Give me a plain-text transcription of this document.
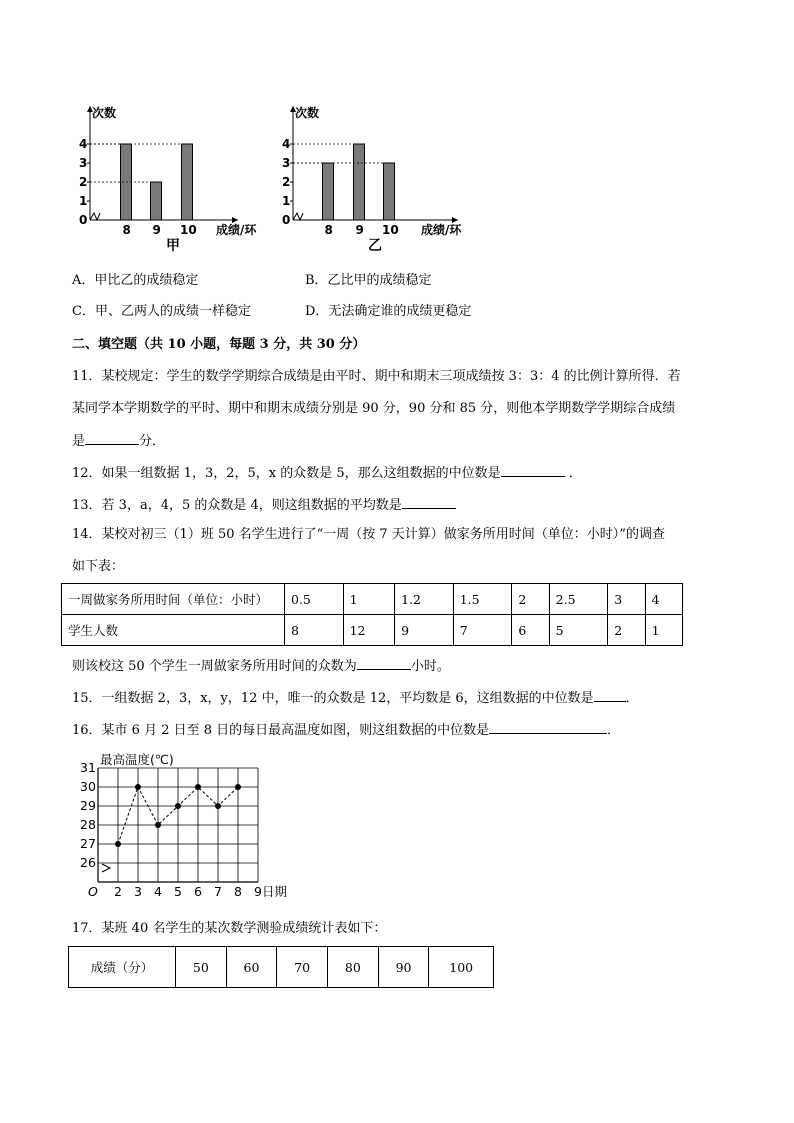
次数
0
1
2
3
4
8 9 10 成绩/环
甲
次数
0
1
2
3
4
8 9 10 成绩/环
乙
A．甲比乙的成绩稳定	B．乙比甲的成绩稳定
C．甲、乙两人的成绩一样稳定	D．无法确定谁的成绩更稳定
二、填空题（共 10 小题，每题 3 分，共 30 分）
11．某校规定：学生的数学学期综合成绩是由平时、期中和期末三项成绩按 3：3：4 的比例计算所得．若
某同学本学期数学的平时、期中和期末成绩分别是 90 分，90 分和 85 分，则他本学期数学学期综合成绩
是	分．
12．如果一组数据 1，3，2，5，x 的众数是 5，那么这组数据的中位数是	．
13．若 3，a，4，5 的众数是 4，则这组数据的平均数是
14．某校对初三（1）班 50 名学生进行了“一周（按 7 天计算）做家务所用时间（单位：小时）”的调查
如下表：
一周做家务所用时间（单位：小时）	0.5	1	1.2	1.5	2	2.5	3	4
学生人数	8	12	9	7	6	5	2	1
则该校这 50 个学生一周做家务所用时间的众数为	小时。
15．一组数据 2，3，x，y，12 中，唯一的众数是 12，平均数是 6，这组数据的中位数是 ．
16．某市 6 月 2 日至 8 日的每日最高温度如图，则这组数据的中位数是	．
最高温度(℃)
31
30
29
28
27
26
2 3 4 5 6 7 8 9
O	日期
17．某班 40 名学生的某次数学测验成绩统计表如下：
成绩（分）	50	60	70	80	90	100
